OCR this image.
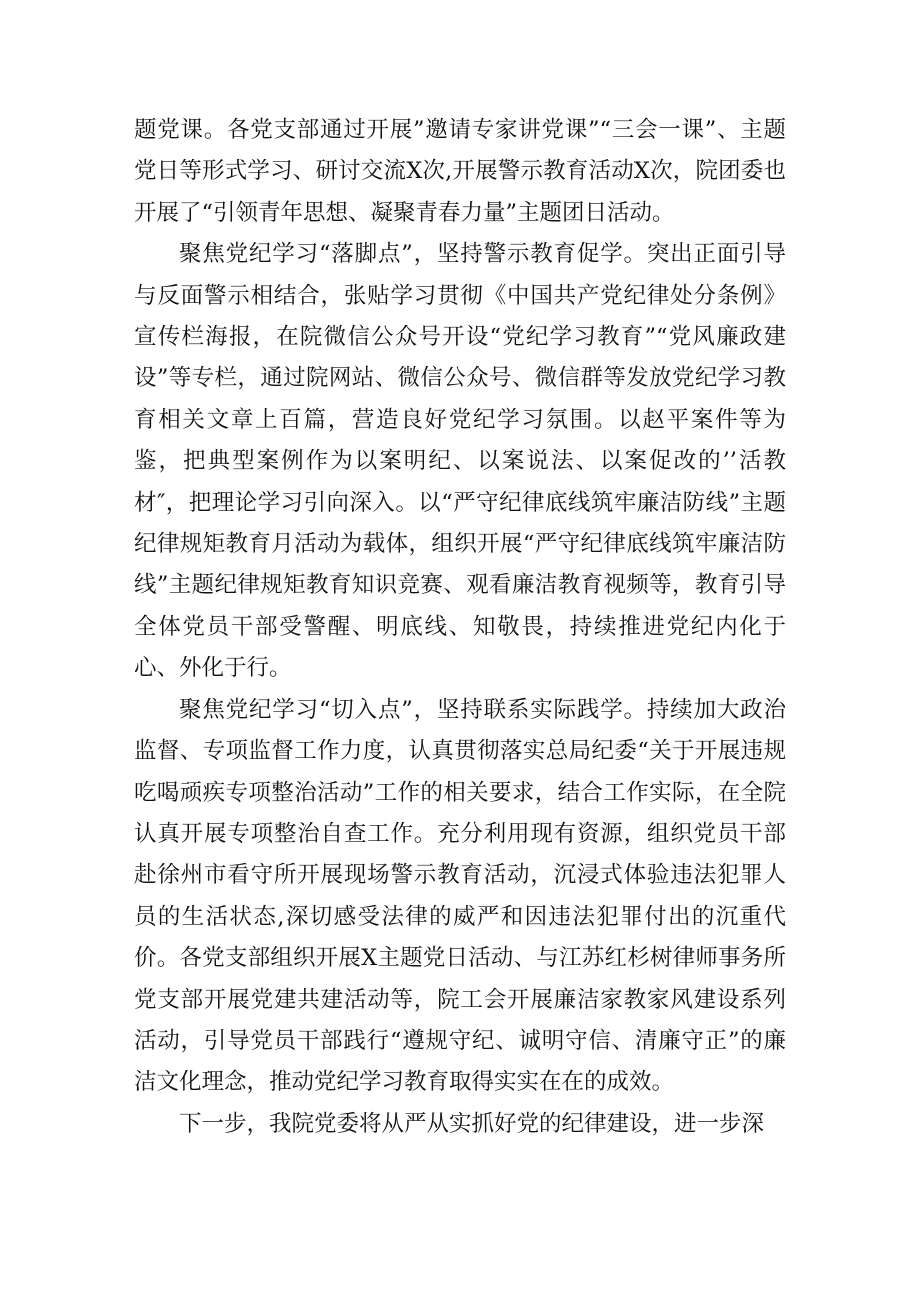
题党课。各党支部通过开展”邀请专家讲党课”“三会一课”、主题党日等形式学习、研讨交流X次,开展警示教育活动X次，院团委也开展了“引领青年思想、凝聚青春力量”主题团日活动。

聚焦党纪学习“落脚点”，坚持警示教育促学。突出正面引导与反面警示相结合，张贴学习贯彻《中国共产党纪律处分条例》宣传栏海报，在院微信公众号开设“党纪学习教育”“党风廉政建设”等专栏，通过院网站、微信公众号、微信群等发放党纪学习教育相关文章上百篇，营造良好党纪学习氛围。以赵平案件等为鉴，把典型案例作为以案明纪、以案说法、以案促改的’’活教材″，把理论学习引向深入。以“严守纪律底线筑牢廉洁防线”主题纪律规矩教育月活动为载体，组织开展“严守纪律底线筑牢廉洁防线”主题纪律规矩教育知识竞赛、观看廉洁教育视频等，教育引导全体党员干部受警醒、明底线、知敬畏，持续推进党纪内化于心、外化于行。

聚焦党纪学习“切入点”，坚持联系实际践学。持续加大政治监督、专项监督工作力度，认真贯彻落实总局纪委“关于开展违规吃喝顽疾专项整治活动”工作的相关要求，结合工作实际，在全院认真开展专项整治自查工作。充分利用现有资源，组织党员干部赴徐州市看守所开展现场警示教育活动，沉浸式体验违法犯罪人员的生活状态,深切感受法律的威严和因违法犯罪付出的沉重代价。各党支部组织开展X主题党日活动、与江苏红杉树律师事务所党支部开展党建共建活动等，院工会开展廉洁家教家风建设系列活动，引导党员干部践行“遵规守纪、诚明守信、清廉守正”的廉洁文化理念，推动党纪学习教育取得实实在在的成效。

下一步，我院党委将从严从实抓好党的纪律建设，进一步深
